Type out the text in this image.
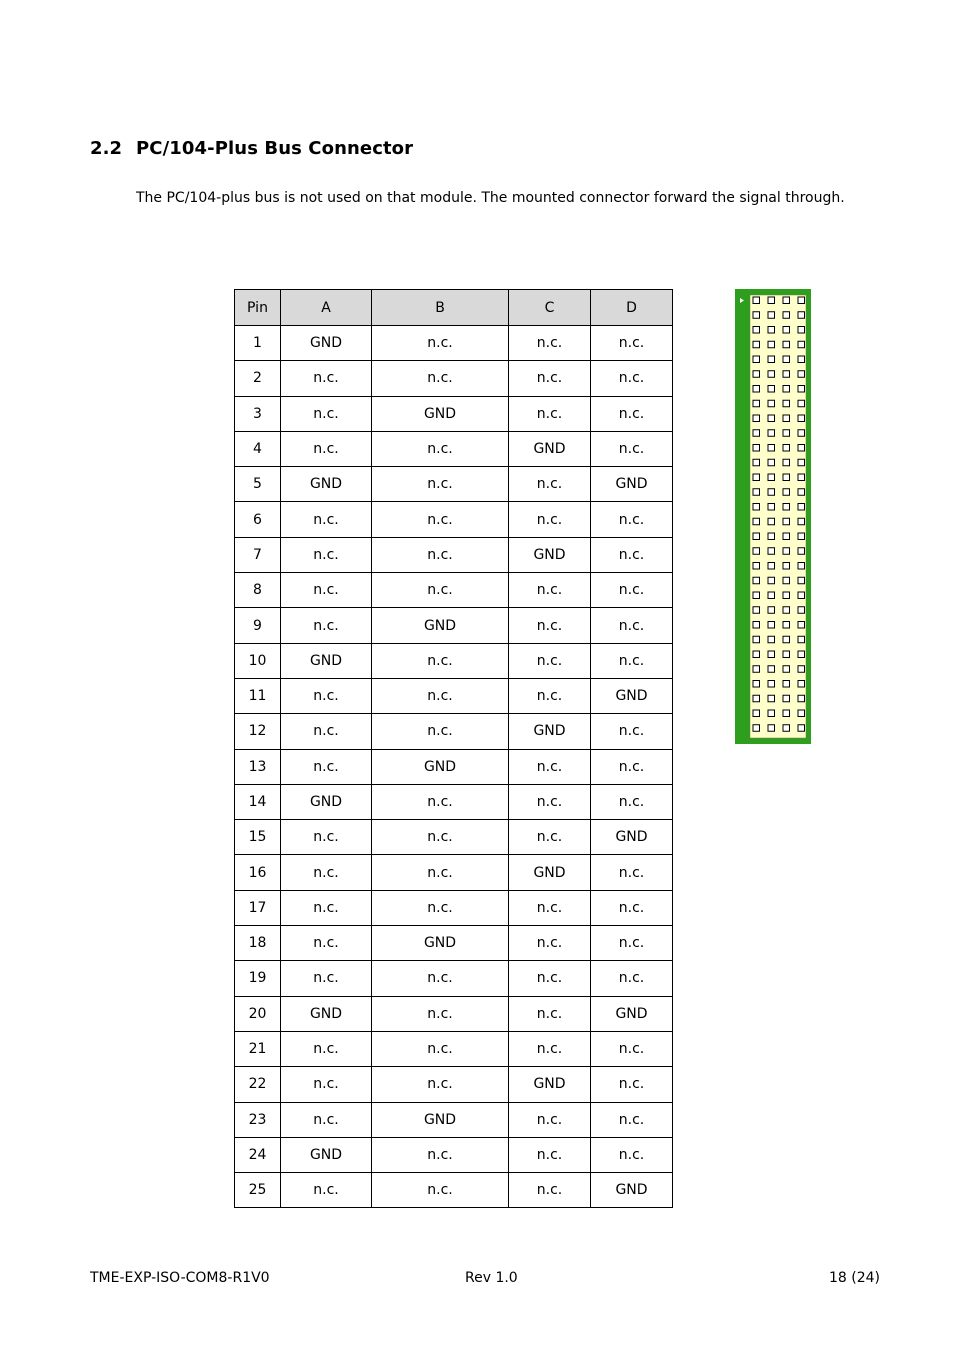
2.2 PC/104-Plus Bus Connector
The PC/104-plus bus is not used on that module. The mounted connector forward the signal through.
Pin	A	B	C	D
1	GND	n.c.	n.c.	n.c.
2	n.c.	n.c.	n.c.	n.c.
3	n.c.	GND	n.c.	n.c.
4	n.c.	n.c.	GND	n.c.
5	GND	n.c.	n.c.	GND
6	n.c.	n.c.	n.c.	n.c.
7	n.c.	n.c.	GND	n.c.
8	n.c.	n.c.	n.c.	n.c.
9	n.c.	GND	n.c.	n.c.
10	GND	n.c.	n.c.	n.c.
11	n.c.	n.c.	n.c.	GND
12	n.c.	n.c.	GND	n.c.
13	n.c.	GND	n.c.	n.c.
14	GND	n.c.	n.c.	n.c.
15	n.c.	n.c.	n.c.	GND
16	n.c.	n.c.	GND	n.c.
17	n.c.	n.c.	n.c.	n.c.
18	n.c.	GND	n.c.	n.c.
19	n.c.	n.c.	n.c.	n.c.
20	GND	n.c.	n.c.	GND
21	n.c.	n.c.	n.c.	n.c.
22	n.c.	n.c.	GND	n.c.
23	n.c.	GND	n.c.	n.c.
24	GND	n.c.	n.c.	n.c.
25	n.c.	n.c.	n.c.	GND
TME-EXP-ISO-COM8-R1V0	Rev 1.0	18 (24)
